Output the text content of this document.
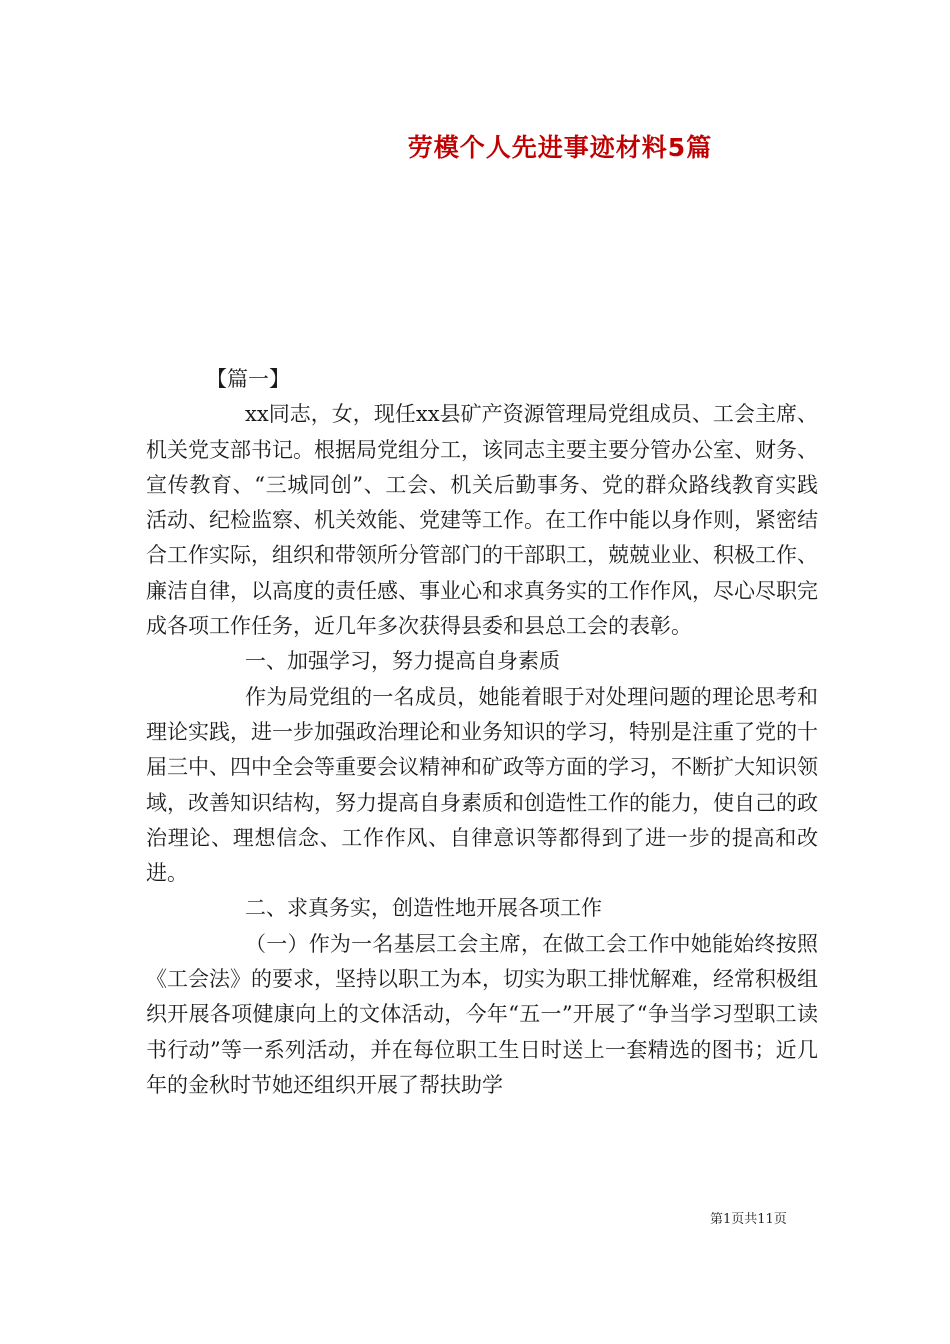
劳模个人先进事迹材料5篇

【篇一】

xx同志，女，现任xx县矿产资源管理局党组成员、工会主席、机关党支部书记。根据局党组分工，该同志主要主要分管办公室、财务、宣传教育、“三城同创”、工会、机关后勤事务、党的群众路线教育实践活动、纪检监察、机关效能、党建等工作。在工作中能以身作则，紧密结合工作实际，组织和带领所分管部门的干部职工，兢兢业业、积极工作、廉洁自律，以高度的责任感、事业心和求真务实的工作作风，尽心尽职完成各项工作任务，近几年多次获得县委和县总工会的表彰。

一、加强学习，努力提高自身素质

作为局党组的一名成员，她能着眼于对处理问题的理论思考和理论实践，进一步加强政治理论和业务知识的学习，特别是注重了党的十届三中、四中全会等重要会议精神和矿政等方面的学习，不断扩大知识领域，改善知识结构，努力提高自身素质和创造性工作的能力，使自己的政治理论、理想信念、工作作风、自律意识等都得到了进一步的提高和改进。

二、求真务实，创造性地开展各项工作

（一）作为一名基层工会主席，在做工会工作中她能始终按照《工会法》的要求，坚持以职工为本，切实为职工排忧解难，经常积极组织开展各项健康向上的文体活动，今年“五一”开展了“争当学习型职工读书行动”等一系列活动，并在每位职工生日时送上一套精选的图书；近几年的金秋时节她还组织开展了帮扶助学

第1页共11页
